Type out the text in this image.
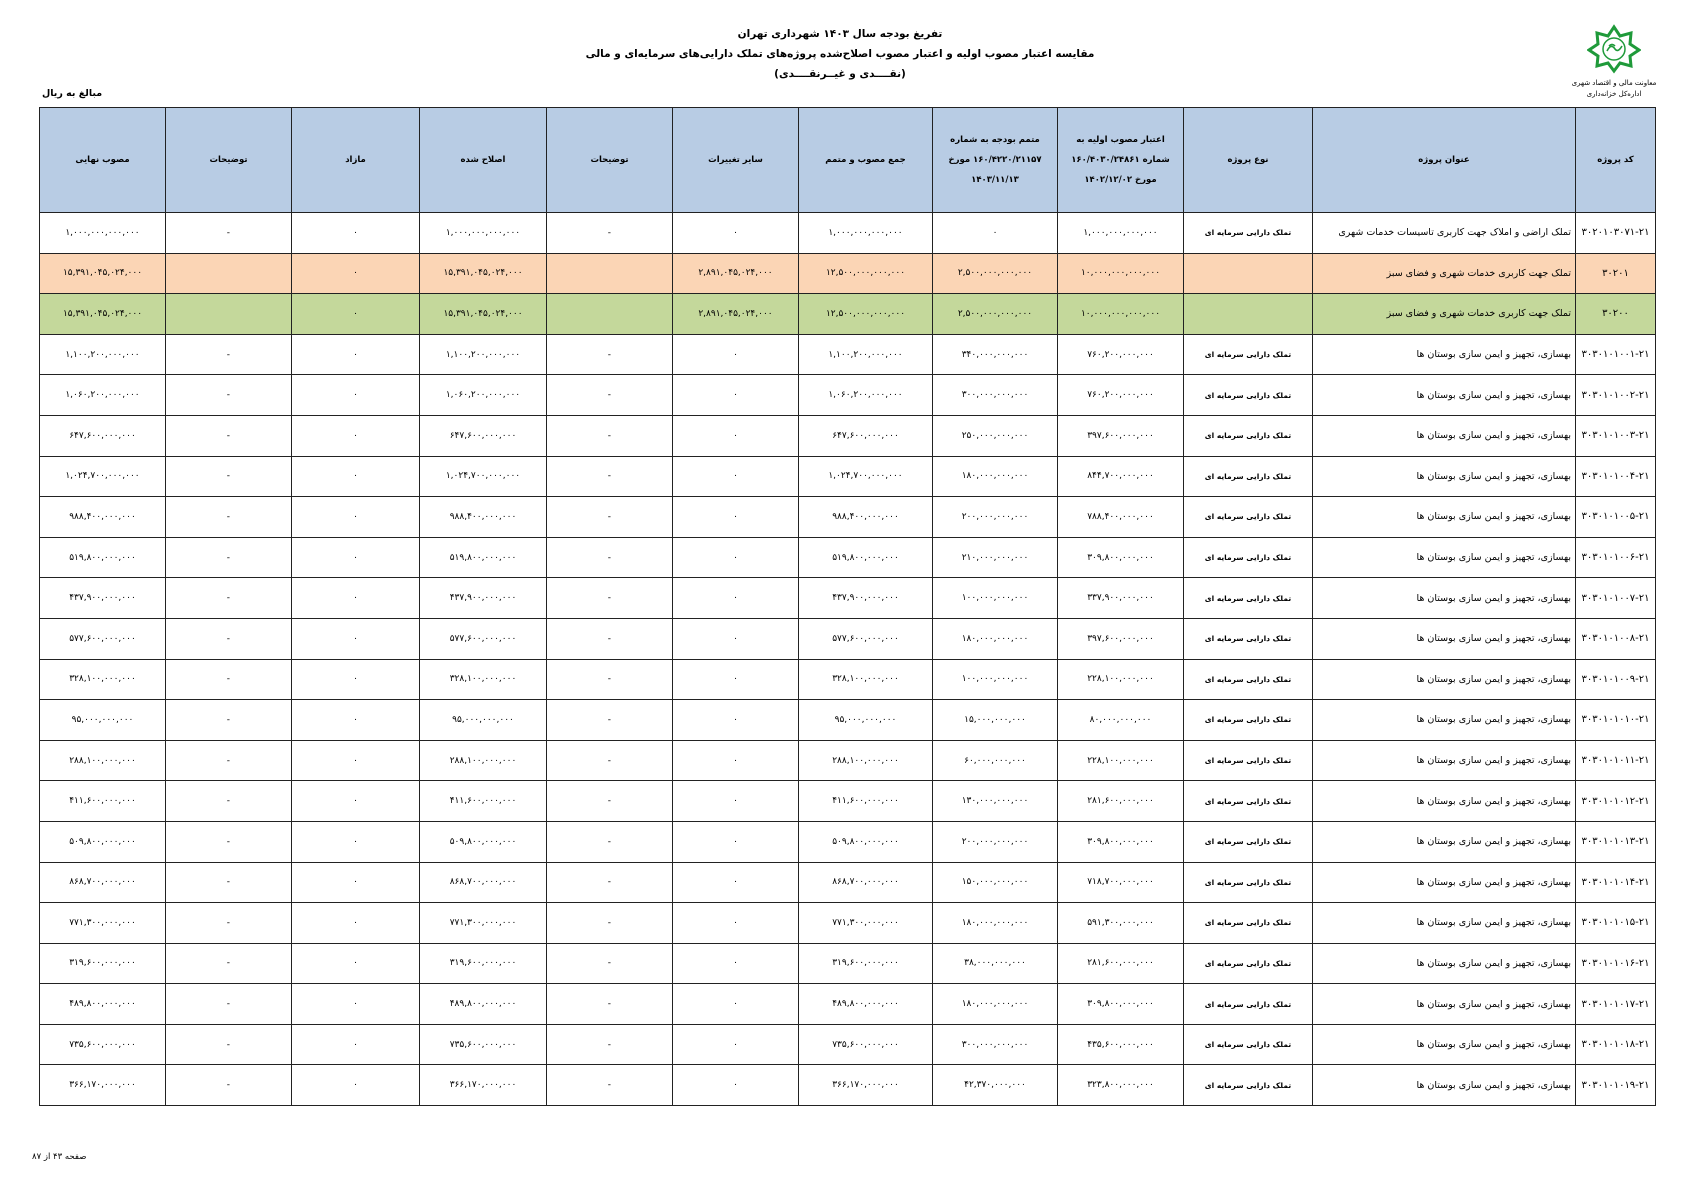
تفریغ بودجه سال ۱۴۰۳ شهرداری تهران
مقایسه اعتبار مصوب اولیه و اعتبار مصوب اصلاح‌شده پروژه‌های تملک دارایی‌های سرمایه‌ای و مالی
(نقــــدی و غیــرنقــــدی)
معاونت مالی و اقتصاد شهری
اداره‌کل خزانه‌داری
مبالغ به ریال
کد پروژه	عنوان پروژه	نوع پروژه	اعتبار مصوب اولیه به شماره ۱۶۰/۴۰۳۰/۲۴۸۶۱ مورخ ۱۴۰۲/۱۲/۰۲	متمم بودجه به شماره ۱۶۰/۴۲۲۰/۲۱۱۵۷ مورخ ۱۴۰۳/۱۱/۱۳	جمع مصوب و متمم	سایر تغییرات	توضیحات	اصلاح شده	مازاد	توضیحات	مصوب نهایی
۳۰۲۰۱۰۳۰۷۱-۲۱	تملک اراضی و املاک جهت کاربری تاسیسات خدمات شهری	تملک دارایی سرمایه ای	۱,۰۰۰,۰۰۰,۰۰۰,۰۰۰	۰	۱,۰۰۰,۰۰۰,۰۰۰,۰۰۰	۰	-	۱,۰۰۰,۰۰۰,۰۰۰,۰۰۰	۰	-	۱,۰۰۰,۰۰۰,۰۰۰,۰۰۰
۳۰۲۰۱	تملک جهت کاربری خدمات شهری و فضای سبز		۱۰,۰۰۰,۰۰۰,۰۰۰,۰۰۰	۲,۵۰۰,۰۰۰,۰۰۰,۰۰۰	۱۲,۵۰۰,۰۰۰,۰۰۰,۰۰۰	۲,۸۹۱,۰۴۵,۰۲۴,۰۰۰		۱۵,۳۹۱,۰۴۵,۰۲۴,۰۰۰	۰		۱۵,۳۹۱,۰۴۵,۰۲۴,۰۰۰
۳۰۲۰۰	تملک جهت کاربری خدمات شهری و فضای سبز		۱۰,۰۰۰,۰۰۰,۰۰۰,۰۰۰	۲,۵۰۰,۰۰۰,۰۰۰,۰۰۰	۱۲,۵۰۰,۰۰۰,۰۰۰,۰۰۰	۲,۸۹۱,۰۴۵,۰۲۴,۰۰۰		۱۵,۳۹۱,۰۴۵,۰۲۴,۰۰۰	۰		۱۵,۳۹۱,۰۴۵,۰۲۴,۰۰۰
۳۰۳۰۱۰۱۰۰۱-۲۱	بهسازی، تجهیز و ایمن سازی بوستان ها	تملک دارایی سرمایه ای	۷۶۰,۲۰۰,۰۰۰,۰۰۰	۳۴۰,۰۰۰,۰۰۰,۰۰۰	۱,۱۰۰,۲۰۰,۰۰۰,۰۰۰	۰	-	۱,۱۰۰,۲۰۰,۰۰۰,۰۰۰	۰	-	۱,۱۰۰,۲۰۰,۰۰۰,۰۰۰
۳۰۳۰۱۰۱۰۰۲-۲۱	بهسازی، تجهیز و ایمن سازی بوستان ها	تملک دارایی سرمایه ای	۷۶۰,۲۰۰,۰۰۰,۰۰۰	۳۰۰,۰۰۰,۰۰۰,۰۰۰	۱,۰۶۰,۲۰۰,۰۰۰,۰۰۰	۰	-	۱,۰۶۰,۲۰۰,۰۰۰,۰۰۰	۰	-	۱,۰۶۰,۲۰۰,۰۰۰,۰۰۰
۳۰۳۰۱۰۱۰۰۳-۲۱	بهسازی، تجهیز و ایمن سازی بوستان ها	تملک دارایی سرمایه ای	۳۹۷,۶۰۰,۰۰۰,۰۰۰	۲۵۰,۰۰۰,۰۰۰,۰۰۰	۶۴۷,۶۰۰,۰۰۰,۰۰۰	۰	-	۶۴۷,۶۰۰,۰۰۰,۰۰۰	۰	-	۶۴۷,۶۰۰,۰۰۰,۰۰۰
۳۰۳۰۱۰۱۰۰۴-۲۱	بهسازی، تجهیز و ایمن سازی بوستان ها	تملک دارایی سرمایه ای	۸۴۴,۷۰۰,۰۰۰,۰۰۰	۱۸۰,۰۰۰,۰۰۰,۰۰۰	۱,۰۲۴,۷۰۰,۰۰۰,۰۰۰	۰	-	۱,۰۲۴,۷۰۰,۰۰۰,۰۰۰	۰	-	۱,۰۲۴,۷۰۰,۰۰۰,۰۰۰
۳۰۳۰۱۰۱۰۰۵-۲۱	بهسازی، تجهیز و ایمن سازی بوستان ها	تملک دارایی سرمایه ای	۷۸۸,۴۰۰,۰۰۰,۰۰۰	۲۰۰,۰۰۰,۰۰۰,۰۰۰	۹۸۸,۴۰۰,۰۰۰,۰۰۰	۰	-	۹۸۸,۴۰۰,۰۰۰,۰۰۰	۰	-	۹۸۸,۴۰۰,۰۰۰,۰۰۰
۳۰۳۰۱۰۱۰۰۶-۲۱	بهسازی، تجهیز و ایمن سازی بوستان ها	تملک دارایی سرمایه ای	۳۰۹,۸۰۰,۰۰۰,۰۰۰	۲۱۰,۰۰۰,۰۰۰,۰۰۰	۵۱۹,۸۰۰,۰۰۰,۰۰۰	۰	-	۵۱۹,۸۰۰,۰۰۰,۰۰۰	۰	-	۵۱۹,۸۰۰,۰۰۰,۰۰۰
۳۰۳۰۱۰۱۰۰۷-۲۱	بهسازی، تجهیز و ایمن سازی بوستان ها	تملک دارایی سرمایه ای	۳۳۷,۹۰۰,۰۰۰,۰۰۰	۱۰۰,۰۰۰,۰۰۰,۰۰۰	۴۳۷,۹۰۰,۰۰۰,۰۰۰	۰	-	۴۳۷,۹۰۰,۰۰۰,۰۰۰	۰	-	۴۳۷,۹۰۰,۰۰۰,۰۰۰
۳۰۳۰۱۰۱۰۰۸-۲۱	بهسازی، تجهیز و ایمن سازی بوستان ها	تملک دارایی سرمایه ای	۳۹۷,۶۰۰,۰۰۰,۰۰۰	۱۸۰,۰۰۰,۰۰۰,۰۰۰	۵۷۷,۶۰۰,۰۰۰,۰۰۰	۰	-	۵۷۷,۶۰۰,۰۰۰,۰۰۰	۰	-	۵۷۷,۶۰۰,۰۰۰,۰۰۰
۳۰۳۰۱۰۱۰۰۹-۲۱	بهسازی، تجهیز و ایمن سازی بوستان ها	تملک دارایی سرمایه ای	۲۲۸,۱۰۰,۰۰۰,۰۰۰	۱۰۰,۰۰۰,۰۰۰,۰۰۰	۳۲۸,۱۰۰,۰۰۰,۰۰۰	۰	-	۳۲۸,۱۰۰,۰۰۰,۰۰۰	۰	-	۳۲۸,۱۰۰,۰۰۰,۰۰۰
۳۰۳۰۱۰۱۰۱۰-۲۱	بهسازی، تجهیز و ایمن سازی بوستان ها	تملک دارایی سرمایه ای	۸۰,۰۰۰,۰۰۰,۰۰۰	۱۵,۰۰۰,۰۰۰,۰۰۰	۹۵,۰۰۰,۰۰۰,۰۰۰	۰	-	۹۵,۰۰۰,۰۰۰,۰۰۰	۰	-	۹۵,۰۰۰,۰۰۰,۰۰۰
۳۰۳۰۱۰۱۰۱۱-۲۱	بهسازی، تجهیز و ایمن سازی بوستان ها	تملک دارایی سرمایه ای	۲۲۸,۱۰۰,۰۰۰,۰۰۰	۶۰,۰۰۰,۰۰۰,۰۰۰	۲۸۸,۱۰۰,۰۰۰,۰۰۰	۰	-	۲۸۸,۱۰۰,۰۰۰,۰۰۰	۰	-	۲۸۸,۱۰۰,۰۰۰,۰۰۰
۳۰۳۰۱۰۱۰۱۲-۲۱	بهسازی، تجهیز و ایمن سازی بوستان ها	تملک دارایی سرمایه ای	۲۸۱,۶۰۰,۰۰۰,۰۰۰	۱۳۰,۰۰۰,۰۰۰,۰۰۰	۴۱۱,۶۰۰,۰۰۰,۰۰۰	۰	-	۴۱۱,۶۰۰,۰۰۰,۰۰۰	۰	-	۴۱۱,۶۰۰,۰۰۰,۰۰۰
۳۰۳۰۱۰۱۰۱۳-۲۱	بهسازی، تجهیز و ایمن سازی بوستان ها	تملک دارایی سرمایه ای	۳۰۹,۸۰۰,۰۰۰,۰۰۰	۲۰۰,۰۰۰,۰۰۰,۰۰۰	۵۰۹,۸۰۰,۰۰۰,۰۰۰	۰	-	۵۰۹,۸۰۰,۰۰۰,۰۰۰	۰	-	۵۰۹,۸۰۰,۰۰۰,۰۰۰
۳۰۳۰۱۰۱۰۱۴-۲۱	بهسازی، تجهیز و ایمن سازی بوستان ها	تملک دارایی سرمایه ای	۷۱۸,۷۰۰,۰۰۰,۰۰۰	۱۵۰,۰۰۰,۰۰۰,۰۰۰	۸۶۸,۷۰۰,۰۰۰,۰۰۰	۰	-	۸۶۸,۷۰۰,۰۰۰,۰۰۰	۰	-	۸۶۸,۷۰۰,۰۰۰,۰۰۰
۳۰۳۰۱۰۱۰۱۵-۲۱	بهسازی، تجهیز و ایمن سازی بوستان ها	تملک دارایی سرمایه ای	۵۹۱,۳۰۰,۰۰۰,۰۰۰	۱۸۰,۰۰۰,۰۰۰,۰۰۰	۷۷۱,۳۰۰,۰۰۰,۰۰۰	۰	-	۷۷۱,۳۰۰,۰۰۰,۰۰۰	۰	-	۷۷۱,۳۰۰,۰۰۰,۰۰۰
۳۰۳۰۱۰۱۰۱۶-۲۱	بهسازی، تجهیز و ایمن سازی بوستان ها	تملک دارایی سرمایه ای	۲۸۱,۶۰۰,۰۰۰,۰۰۰	۳۸,۰۰۰,۰۰۰,۰۰۰	۳۱۹,۶۰۰,۰۰۰,۰۰۰	۰	-	۳۱۹,۶۰۰,۰۰۰,۰۰۰	۰	-	۳۱۹,۶۰۰,۰۰۰,۰۰۰
۳۰۳۰۱۰۱۰۱۷-۲۱	بهسازی، تجهیز و ایمن سازی بوستان ها	تملک دارایی سرمایه ای	۳۰۹,۸۰۰,۰۰۰,۰۰۰	۱۸۰,۰۰۰,۰۰۰,۰۰۰	۴۸۹,۸۰۰,۰۰۰,۰۰۰	۰	-	۴۸۹,۸۰۰,۰۰۰,۰۰۰	۰	-	۴۸۹,۸۰۰,۰۰۰,۰۰۰
۳۰۳۰۱۰۱۰۱۸-۲۱	بهسازی، تجهیز و ایمن سازی بوستان ها	تملک دارایی سرمایه ای	۴۳۵,۶۰۰,۰۰۰,۰۰۰	۳۰۰,۰۰۰,۰۰۰,۰۰۰	۷۳۵,۶۰۰,۰۰۰,۰۰۰	۰	-	۷۳۵,۶۰۰,۰۰۰,۰۰۰	۰	-	۷۳۵,۶۰۰,۰۰۰,۰۰۰
۳۰۳۰۱۰۱۰۱۹-۲۱	بهسازی، تجهیز و ایمن سازی بوستان ها	تملک دارایی سرمایه ای	۳۲۳,۸۰۰,۰۰۰,۰۰۰	۴۲,۳۷۰,۰۰۰,۰۰۰	۳۶۶,۱۷۰,۰۰۰,۰۰۰	۰	-	۳۶۶,۱۷۰,۰۰۰,۰۰۰	۰	-	۳۶۶,۱۷۰,۰۰۰,۰۰۰
صفحه ۴۳ از ۸۷
